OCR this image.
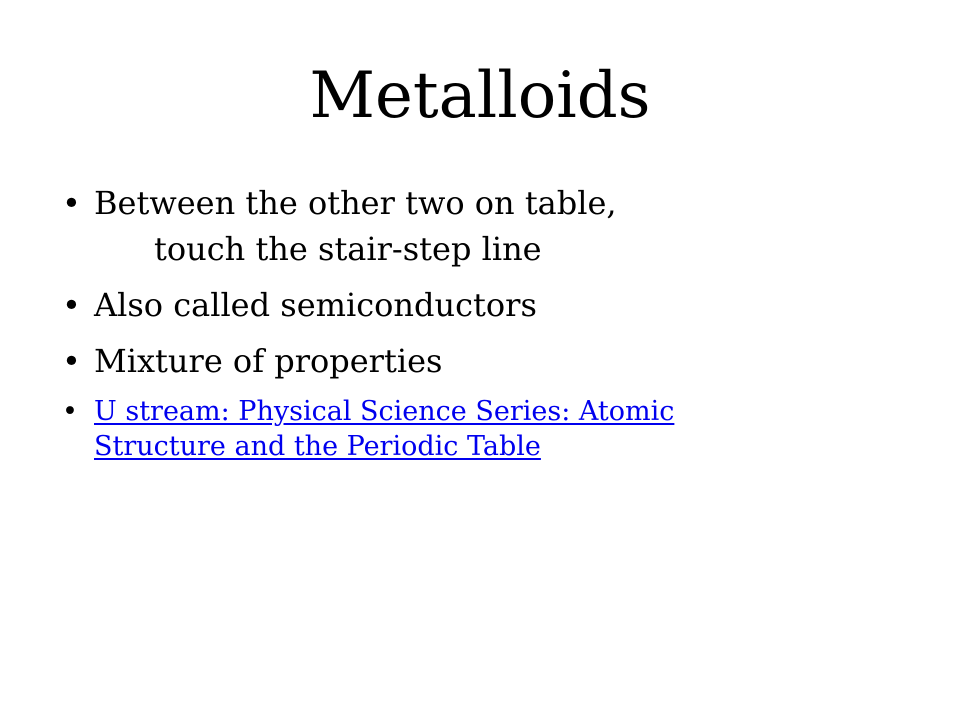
Metalloids
• Between the other two on table,
touch the stair-step line
• Also called semiconductors
• Mixture of properties
• U stream: Physical Science Series: Atomic
Structure and the Periodic Table
